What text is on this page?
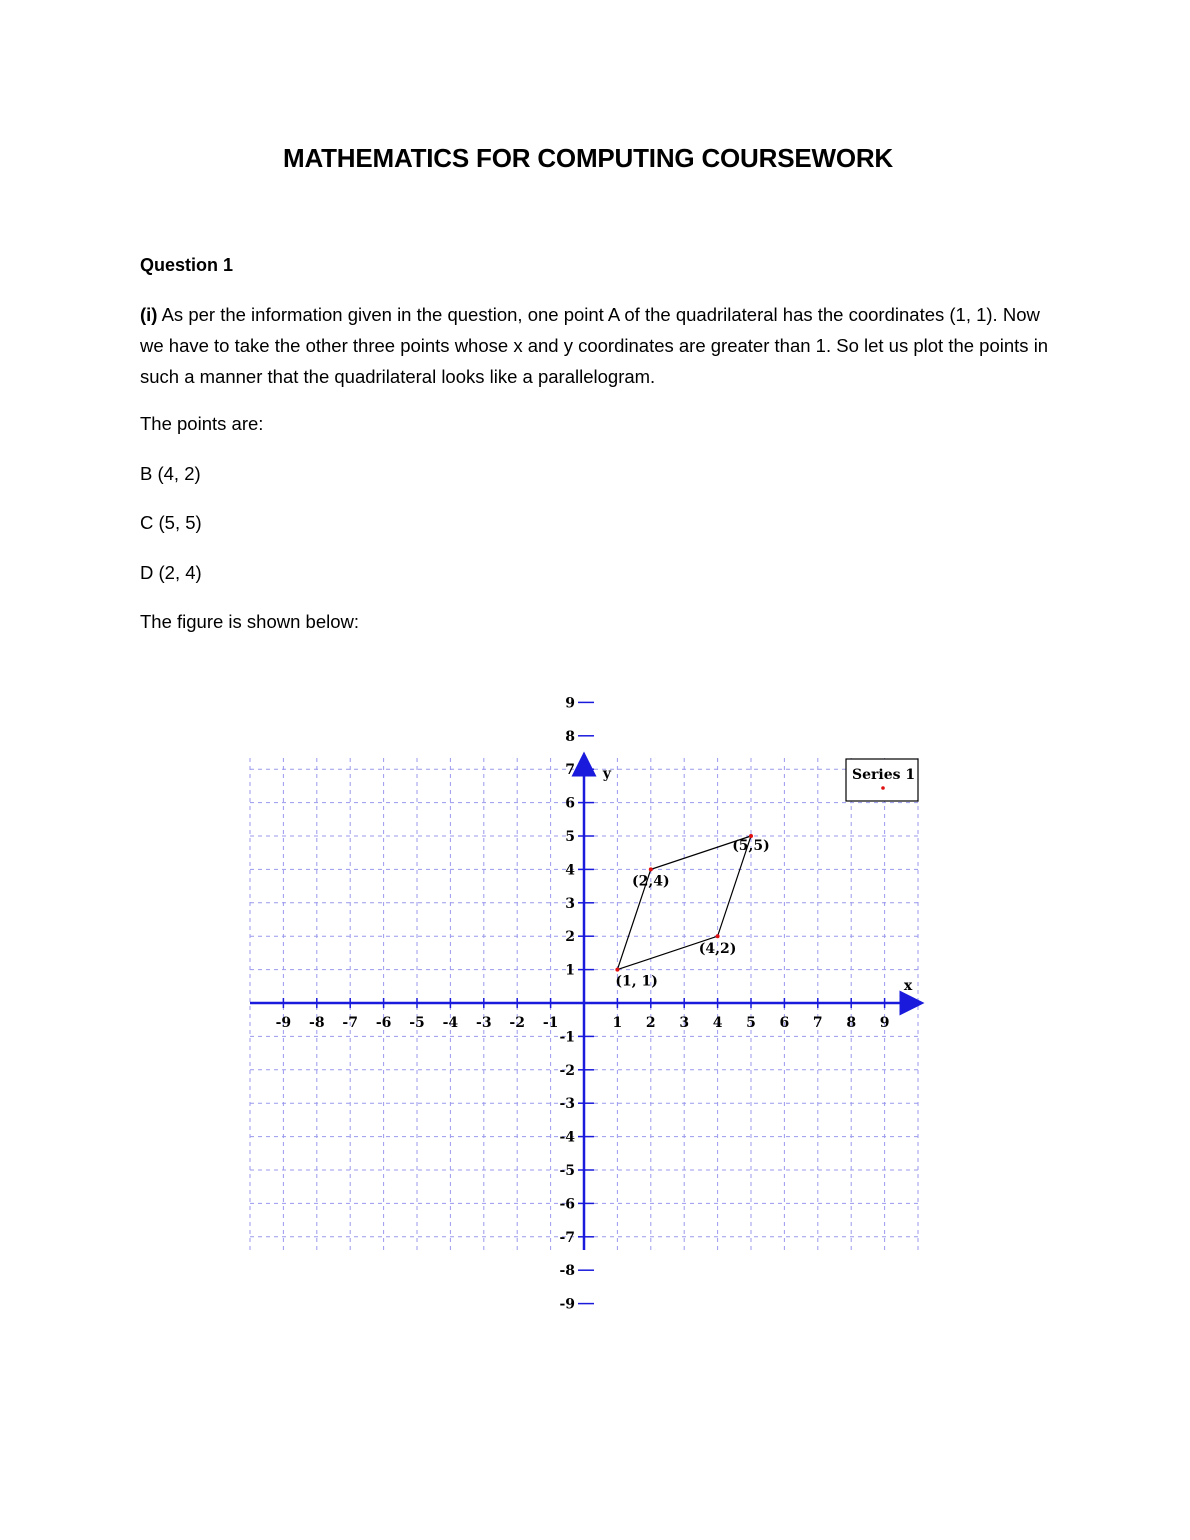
MATHEMATICS FOR COMPUTING COURSEWORK
Question 1
(i) As per the information given in the question, one point A of the quadrilateral has the coordinates (1, 1). Now we have to take the other three points whose x and y coordinates are greater than 1. So let us plot the points in such a manner that the quadrilateral looks like a parallelogram.
The points are:
B (4, 2)
C (5, 5)
D (2, 4)
The figure is shown below:
x
y
-9 -8 -7 -6 -5 -4 -3 -2 -1	1 2 3 4 5 6 7 8 9
-9
-8
-7
-6
-5
-4
-3
-2
-1
1
2
3
4
5
6
7
8
9
(1, 1)
(4,2)
(5,5)
(2,4)
Series 1
